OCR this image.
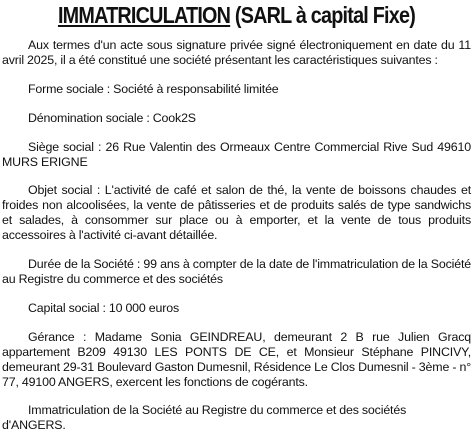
IMMATRICULATION (SARL à capital Fixe)

Aux termes d'un acte sous signature privée signé électroniquement en date du 11 avril 2025, il a été constitué une société présentant les caractéristiques suivantes :

Forme sociale : Société à responsabilité limitée

Dénomination sociale : Cook2S

Siège social : 26 Rue Valentin des Ormeaux Centre Commercial Rive Sud 49610 MURS ERIGNE

Objet social : L'activité de café et salon de thé, la vente de boissons chaudes et froides non alcoolisées, la vente de pâtisseries et de produits salés de type sandwichs et salades, à consommer sur place ou à emporter, et la vente de tous produits accessoires à l'activité ci-avant détaillée.

Durée de la Société : 99 ans à compter de la date de l'immatriculation de la Société au Registre du commerce et des sociétés

Capital social : 10 000 euros

Gérance : Madame Sonia GEINDREAU, demeurant 2 B rue Julien Gracq appartement B209 49130 LES PONTS DE CE, et Monsieur Stéphane PINCIVY, demeurant 29-31 Boulevard Gaston Dumesnil, Résidence Le Clos Dumesnil - 3ème - n° 77, 49100 ANGERS, exercent les fonctions de cogérants.

Immatriculation de la Société au Registre du commerce et des sociétés d'ANGERS.
